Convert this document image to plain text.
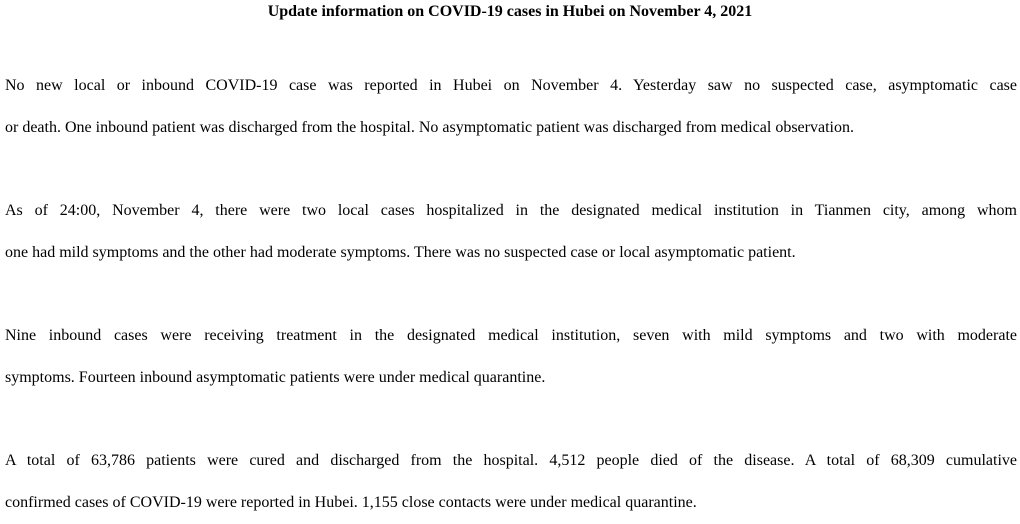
Update information on COVID-19 cases in Hubei on November 4, 2021

No new local or inbound COVID-19 case was reported in Hubei on November 4. Yesterday saw no suspected case, asymptomatic case
or death. One inbound patient was discharged from the hospital. No asymptomatic patient was discharged from medical observation.

As of 24:00, November 4, there were two local cases hospitalized in the designated medical institution in Tianmen city, among whom
one had mild symptoms and the other had moderate symptoms. There was no suspected case or local asymptomatic patient.

Nine inbound cases were receiving treatment in the designated medical institution, seven with mild symptoms and two with moderate
symptoms. Fourteen inbound asymptomatic patients were under medical quarantine.

A total of 63,786 patients were cured and discharged from the hospital. 4,512 people died of the disease. A total of 68,309 cumulative
confirmed cases of COVID-19 were reported in Hubei. 1,155 close contacts were under medical quarantine.
